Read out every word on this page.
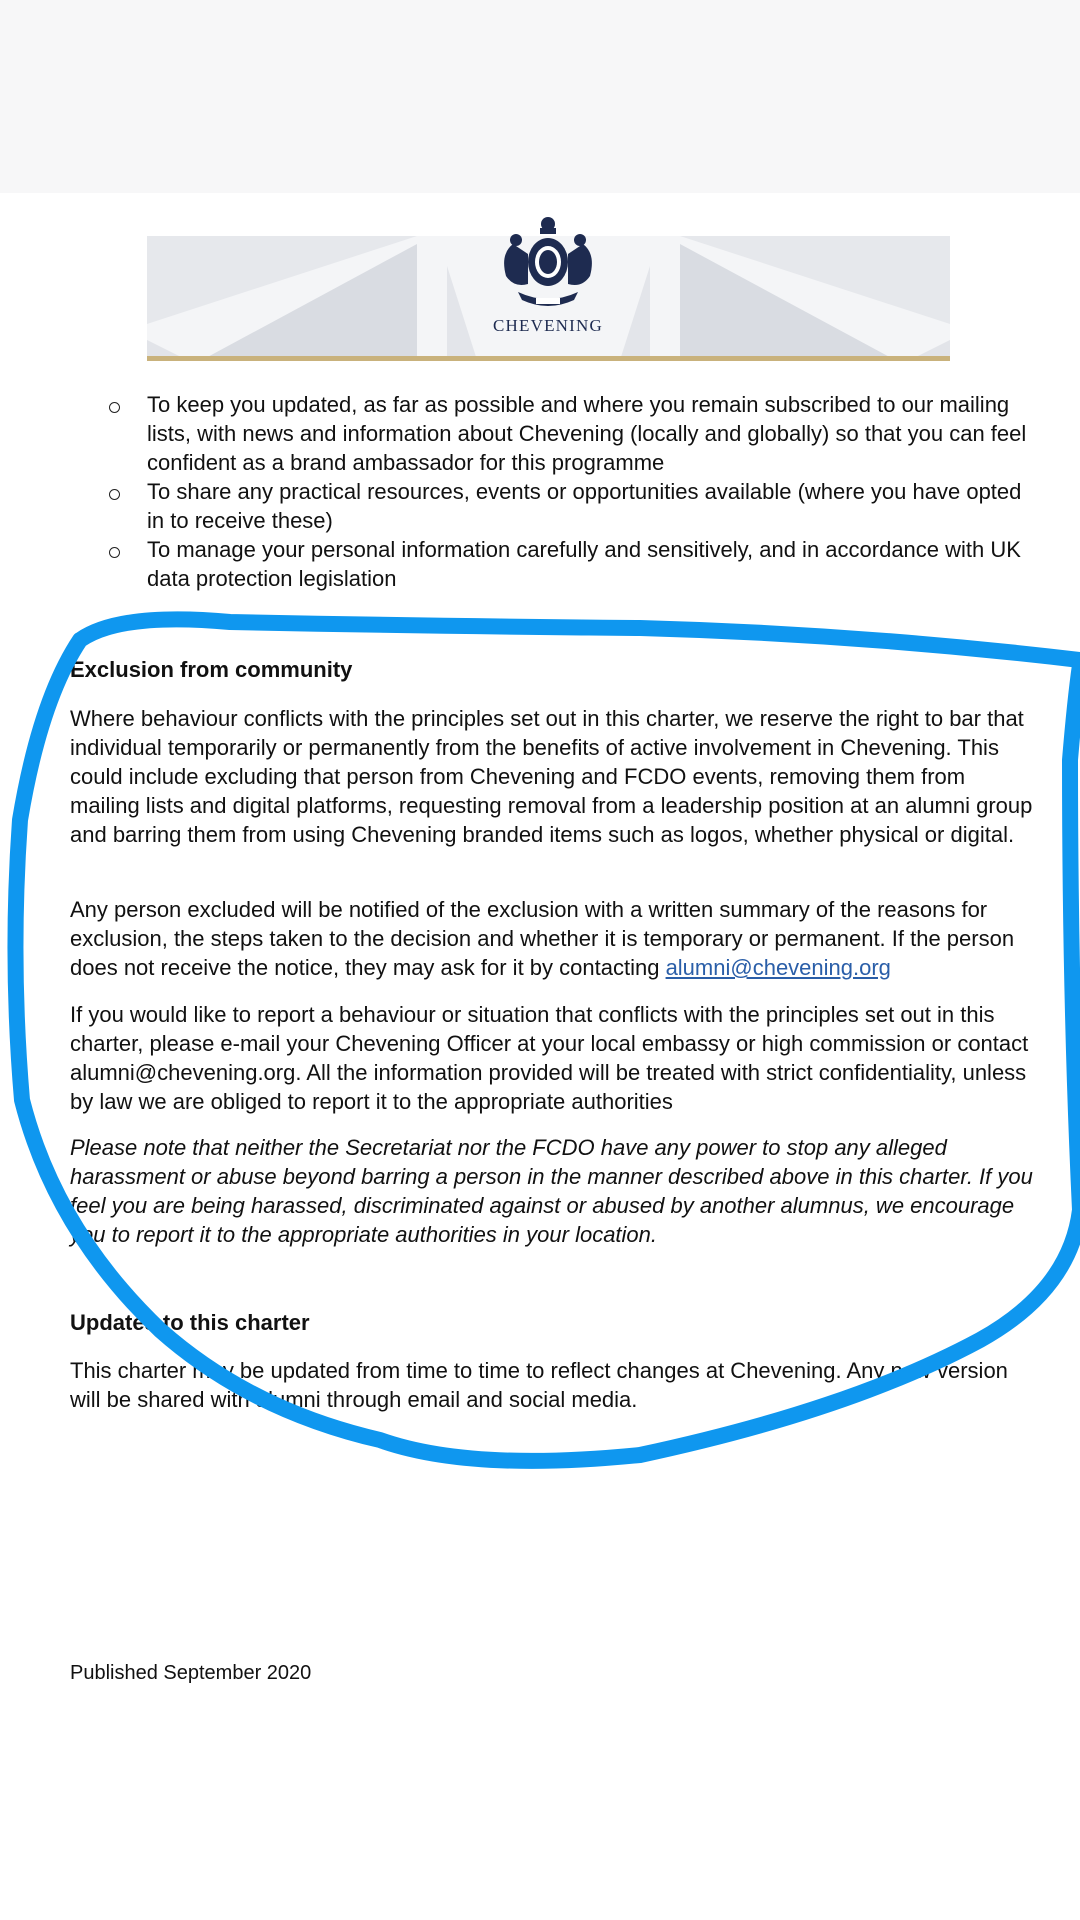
CHEVENING
To keep you updated, as far as possible and where you remain subscribed to our mailing lists, with news and information about Chevening (locally and globally) so that you can feel confident as a brand ambassador for this programme
To share any practical resources, events or opportunities available (where you have opted in to receive these)
To manage your personal information carefully and sensitively, and in accordance with UK data protection legislation
Exclusion from community

Where behaviour conflicts with the principles set out in this charter, we reserve the right to bar that individual temporarily or permanently from the benefits of active involvement in Chevening. This could include excluding that person from Chevening and FCDO events, removing them from mailing lists and digital platforms, requesting removal from a leadership position at an alumni group and barring them from using Chevening branded items such as logos, whether physical or digital.

Any person excluded will be notified of the exclusion with a written summary of the reasons for exclusion, the steps taken to the decision and whether it is temporary or permanent. If the person does not receive the notice, they may ask for it by contacting alumni@chevening.org

If you would like to report a behaviour or situation that conflicts with the principles set out in this charter, please e-mail your Chevening Officer at your local embassy or high commission or contact alumni@chevening.org. All the information provided will be treated with strict confidentiality, unless by law we are obliged to report it to the appropriate authorities

Please note that neither the Secretariat nor the FCDO have any power to stop any alleged harassment or abuse beyond barring a person in the manner described above in this charter. If you feel you are being harassed, discriminated against or abused by another alumnus, we encourage you to report it to the appropriate authorities in your location.

Updates to this charter

This charter may be updated from time to time to reflect changes at Chevening. Any new version will be shared with alumni through email and social media.

Published September 2020
